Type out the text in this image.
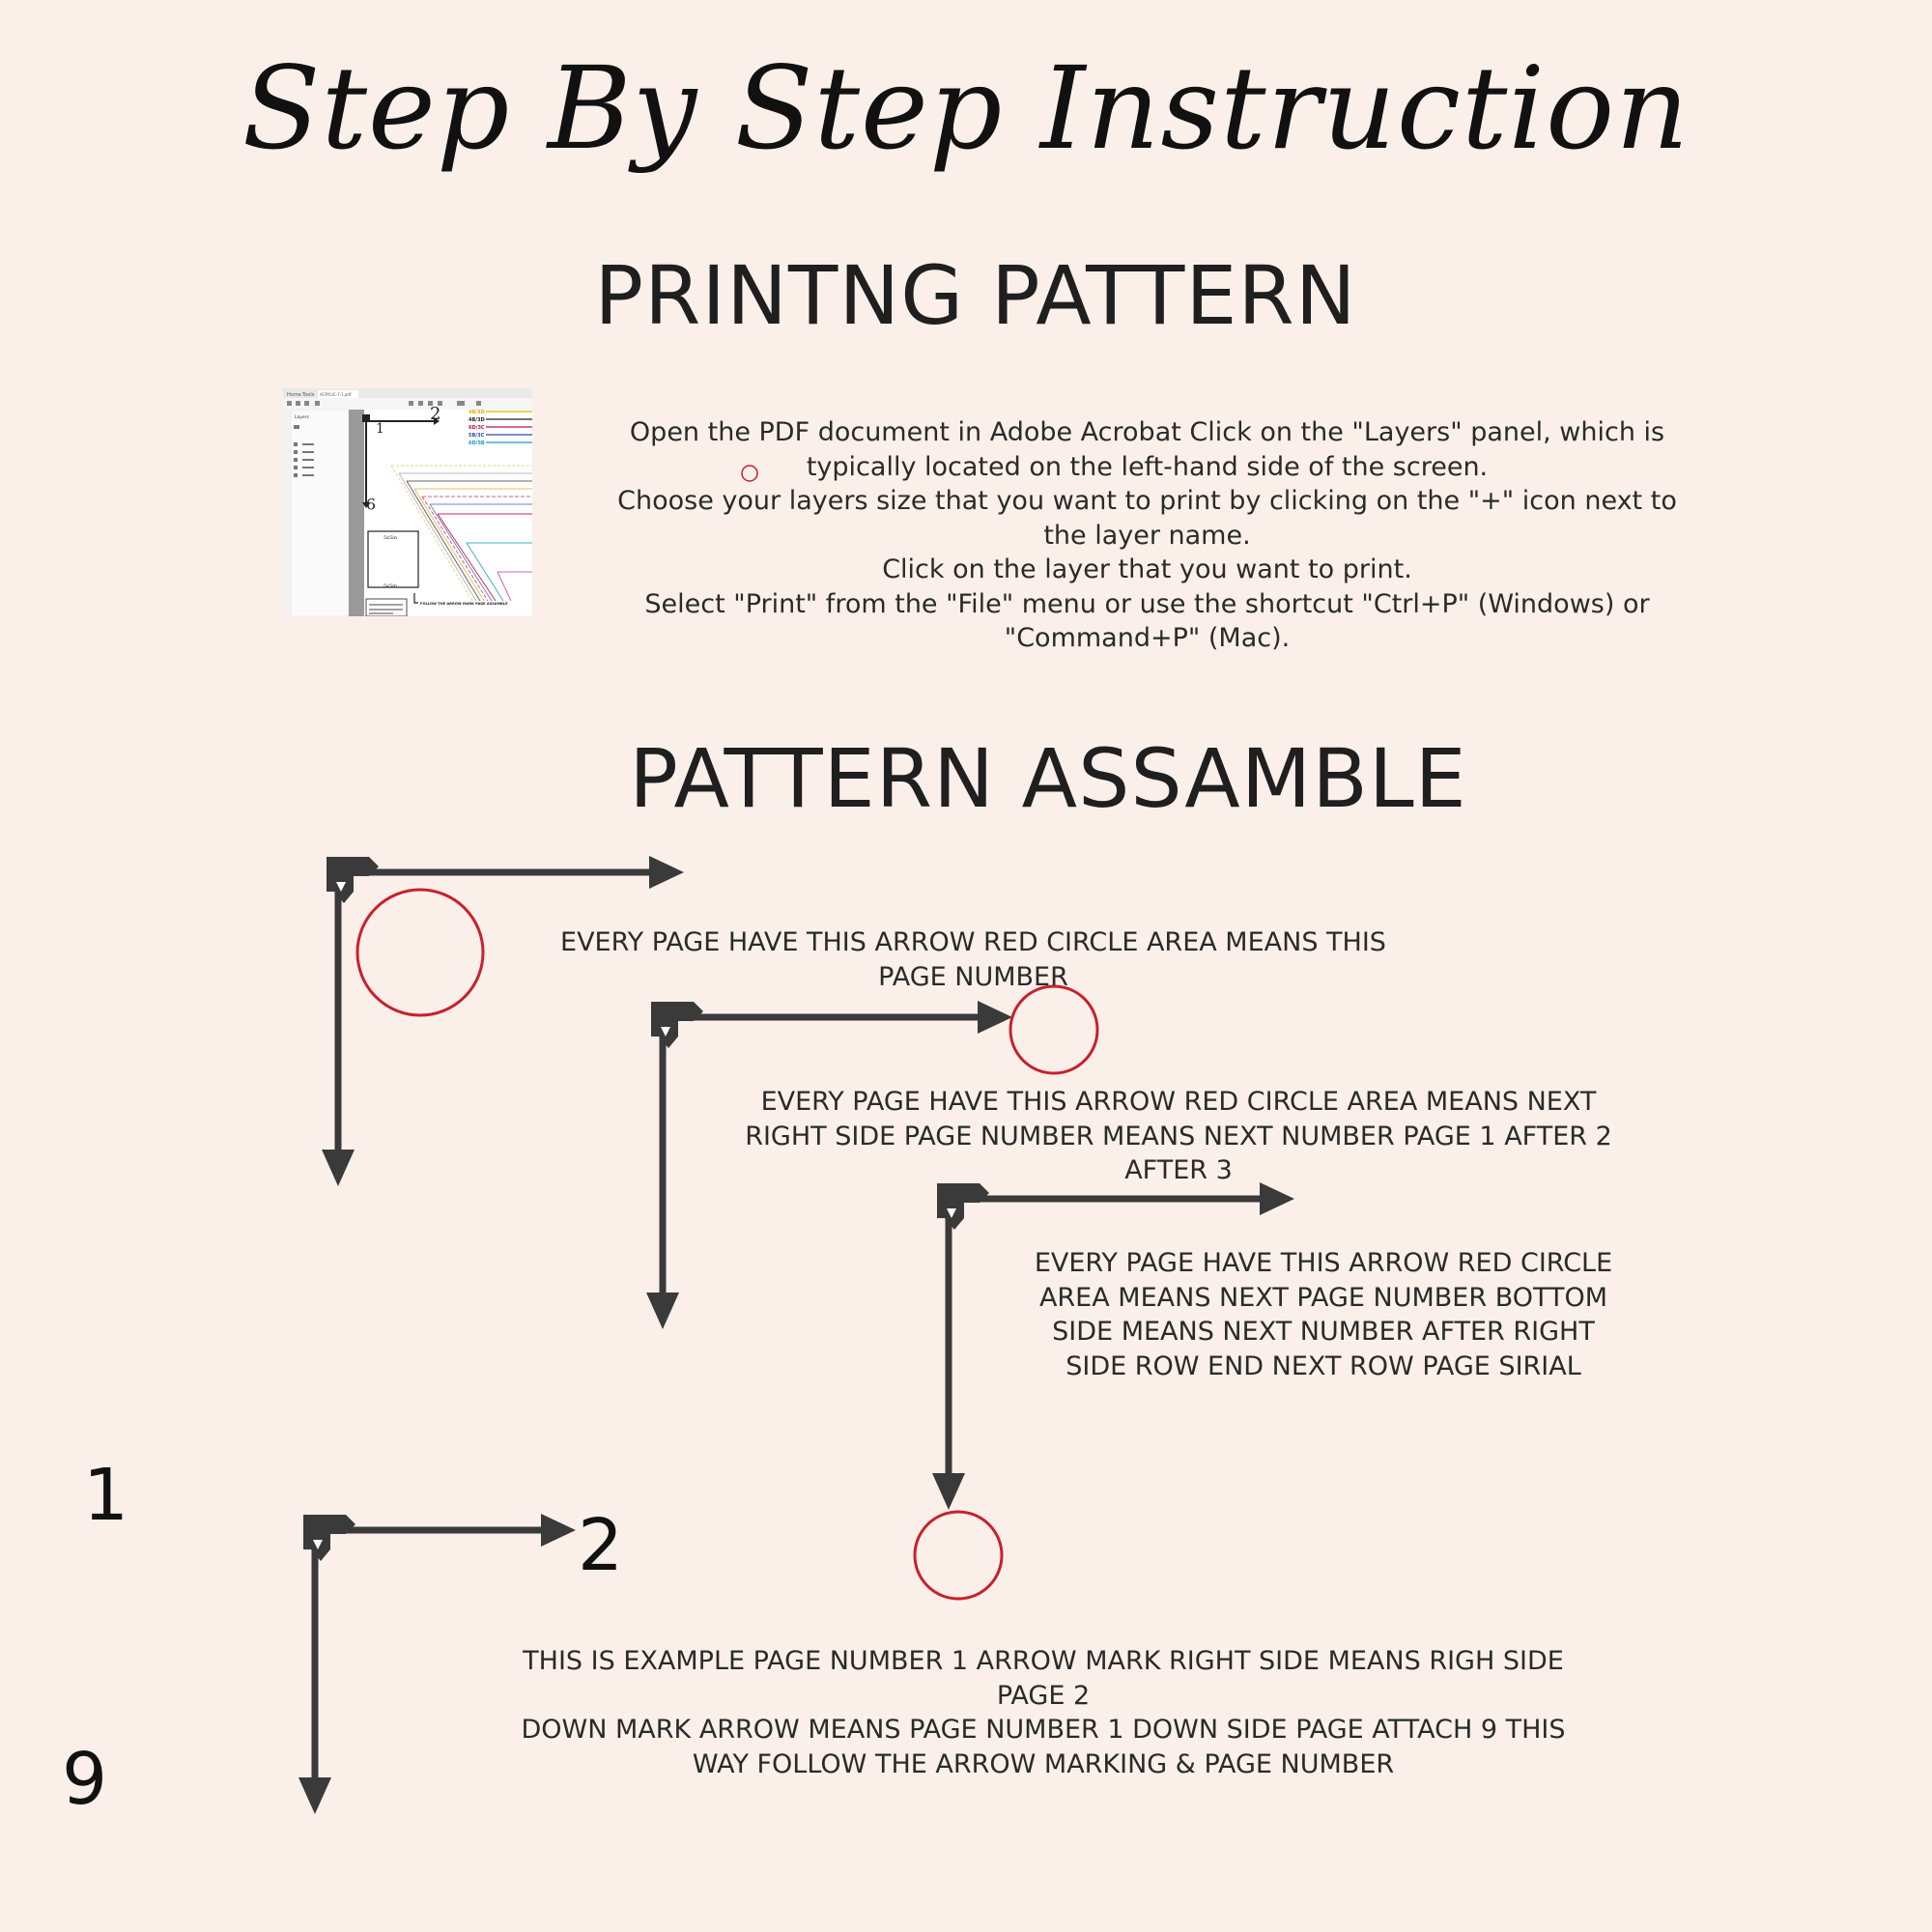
Step By Step Instruction
PRINTNG PATTERN
Home Tools ACRYLIC-7-1.pdf
Layers
1
2
9
4B/3D
4B/3D
6D/3C
5B/3C
6D/5B
5x5in
5x5in
FOLLOW THE ARROW MARK PAGE ASSAMBLE
Open the PDF document in Adobe Acrobat Click on the "Layers" panel, which is
typically located on the left-hand side of the screen.
Choose your layers size that you want to print by clicking on the "+" icon next to
the layer name.
Click on the layer that you want to print.
Select "Print" from the "File" menu or use the shortcut "Ctrl+P" (Windows) or
"Command+P" (Mac).
PATTERN ASSAMBLE
EVERY PAGE HAVE THIS ARROW RED CIRCLE AREA MEANS THIS
PAGE NUMBER
EVERY PAGE HAVE THIS ARROW RED CIRCLE AREA MEANS NEXT
RIGHT SIDE PAGE NUMBER MEANS NEXT NUMBER PAGE 1 AFTER 2
AFTER 3
EVERY PAGE HAVE THIS ARROW RED CIRCLE
AREA MEANS NEXT PAGE NUMBER BOTTOM
SIDE MEANS NEXT NUMBER AFTER RIGHT
SIDE ROW END NEXT ROW PAGE SIRIAL
1
2
9
THIS IS EXAMPLE PAGE NUMBER 1 ARROW MARK RIGHT SIDE MEANS RIGH SIDE
PAGE 2
DOWN MARK ARROW MEANS PAGE NUMBER 1 DOWN SIDE PAGE ATTACH 9 THIS
WAY FOLLOW THE ARROW MARKING & PAGE NUMBER
